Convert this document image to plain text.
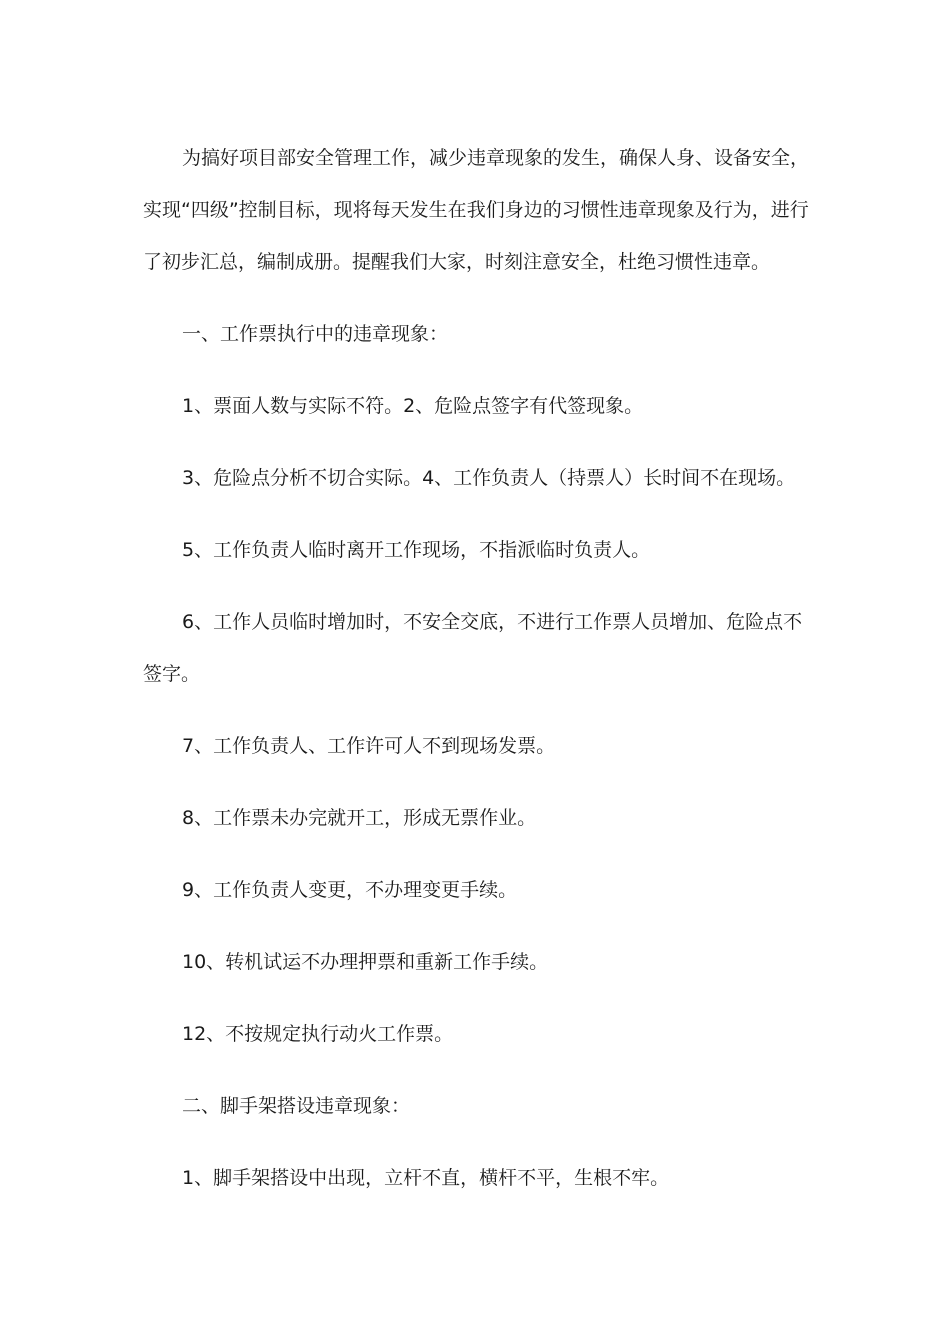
为搞好项目部安全管理工作，减少违章现象的发生，确保人身、设备安全，实现“四级”控制目标，现将每天发生在我们身边的习惯性违章现象及行为，进行了初步汇总，编制成册。提醒我们大家，时刻注意安全，杜绝习惯性违章。

一、工作票执行中的违章现象：

1、票面人数与实际不符。2、危险点签字有代签现象。

3、危险点分析不切合实际。4、工作负责人（持票人）长时间不在现场。

5、工作负责人临时离开工作现场，不指派临时负责人。

6、工作人员临时增加时，不安全交底，不进行工作票人员增加、危险点不签字。

7、工作负责人、工作许可人不到现场发票。

8、工作票未办完就开工，形成无票作业。

9、工作负责人变更，不办理变更手续。

10、转机试运不办理押票和重新工作手续。

12、不按规定执行动火工作票。

二、脚手架搭设违章现象：

1、脚手架搭设中出现，立杆不直，横杆不平，生根不牢。
